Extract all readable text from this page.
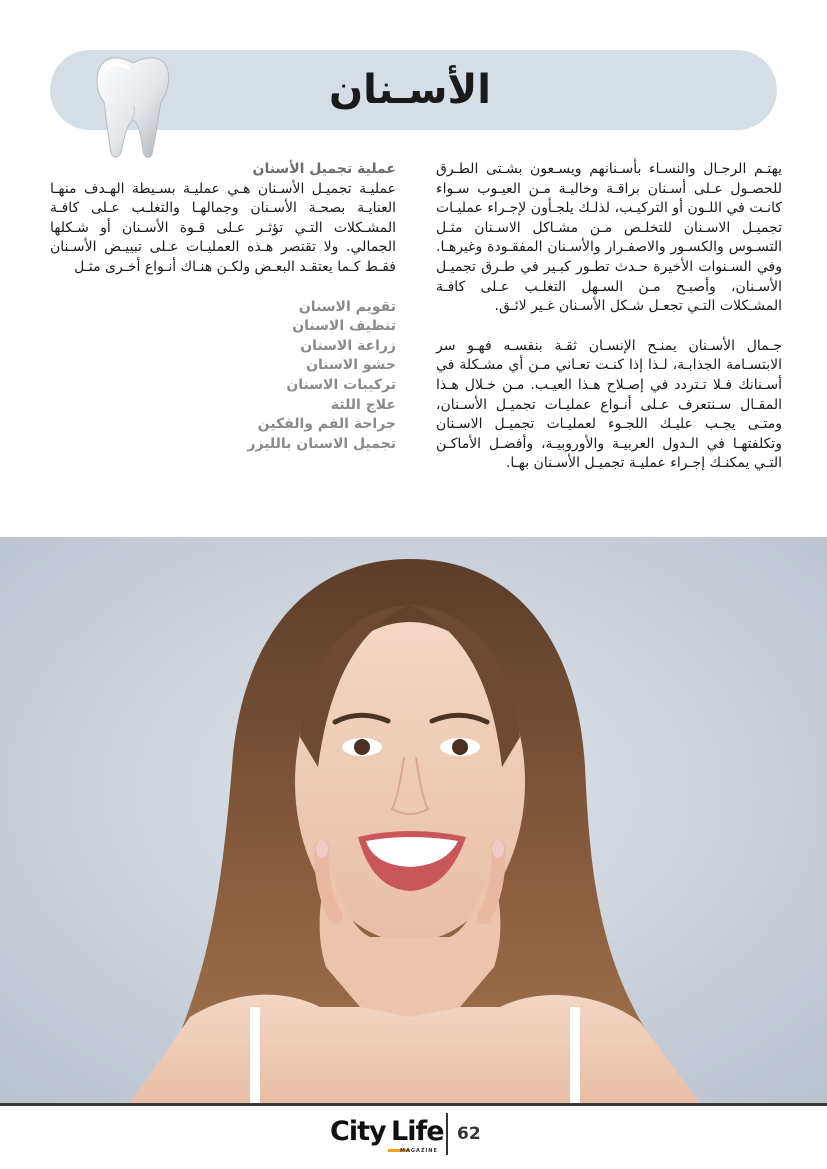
الأسـنان

يهتـم الرجـال والنسـاء بأسـنانهم ويسـعون بشـتى الطـرق للحصـول عـلى أسـنان براقـة وخاليـة مـن العيـوب سـواء كانـت في اللـون أو التركيـب، لذلـك يلجـأون لإجـراء عمليـات تجميـل الاسـنان للتخلـص مـن مشـاكل الاسـنان مثـل التسـوس والكسـور والاصفـرار والأسـنان المفقـودة وغيرهـا. وفي السـنوات الأخيرة حـدث تطـور كبـير في طـرق تجميـل الأسـنان، وأصبـح مـن السـهل التغلـب عـلى كافـة المشـكلات التـي تجعـل شـكل الأسـنان غـير لائـق.

جـمال الأسـنان يمنـح الإنسـان ثقـة بنفسـه فهـو سر الابتسـامة الجذابـة، لـذا إذا كنـت تعـاني مـن أي مشـكلة في أسـنانك فـلا تـتردد في إصـلاح هـذا العيـب. مـن خـلال هـذا المقـال سـنتعرف عـلى أنـواع عمليـات تجميـل الأسـنان، ومتـى يجـب عليـك اللجـوء لعمليـات تجميـل الاسـنان وتكلفتهـا في الـدول العربيـة والأوروبيـة، وأفضـل الأماكـن التـي يمكنـك إجـراء عمليـة تجميـل الأسـنان بهـا.

عملية تجميل الأسنان

عمليـة تجميـل الأسـنان هـي عمليـة بسـيطة الهـدف منهـا العنايـة بصحـة الأسـنان وجمالهـا والتغلـب عـلى كافـة المشـكلات التـي تؤثـر عـلى قـوة الأسـنان أو شـكلها الجمالي. ولا تقتصر هـذه العمليـات عـلى تبييـض الأسـنان فقـط كـما يعتقـد البعـض ولكـن هنـاك أنـواع أخـرى مثـل

تقويم الاسنان
تنظيف الاسنان
زراعة الاسنان
حشو الاسنان
تركيبات الاسنان
علاج اللثة
جراحة الفم والفكين
تجميل الاسنان بالليزر
City Life
MAGAZINE
62
